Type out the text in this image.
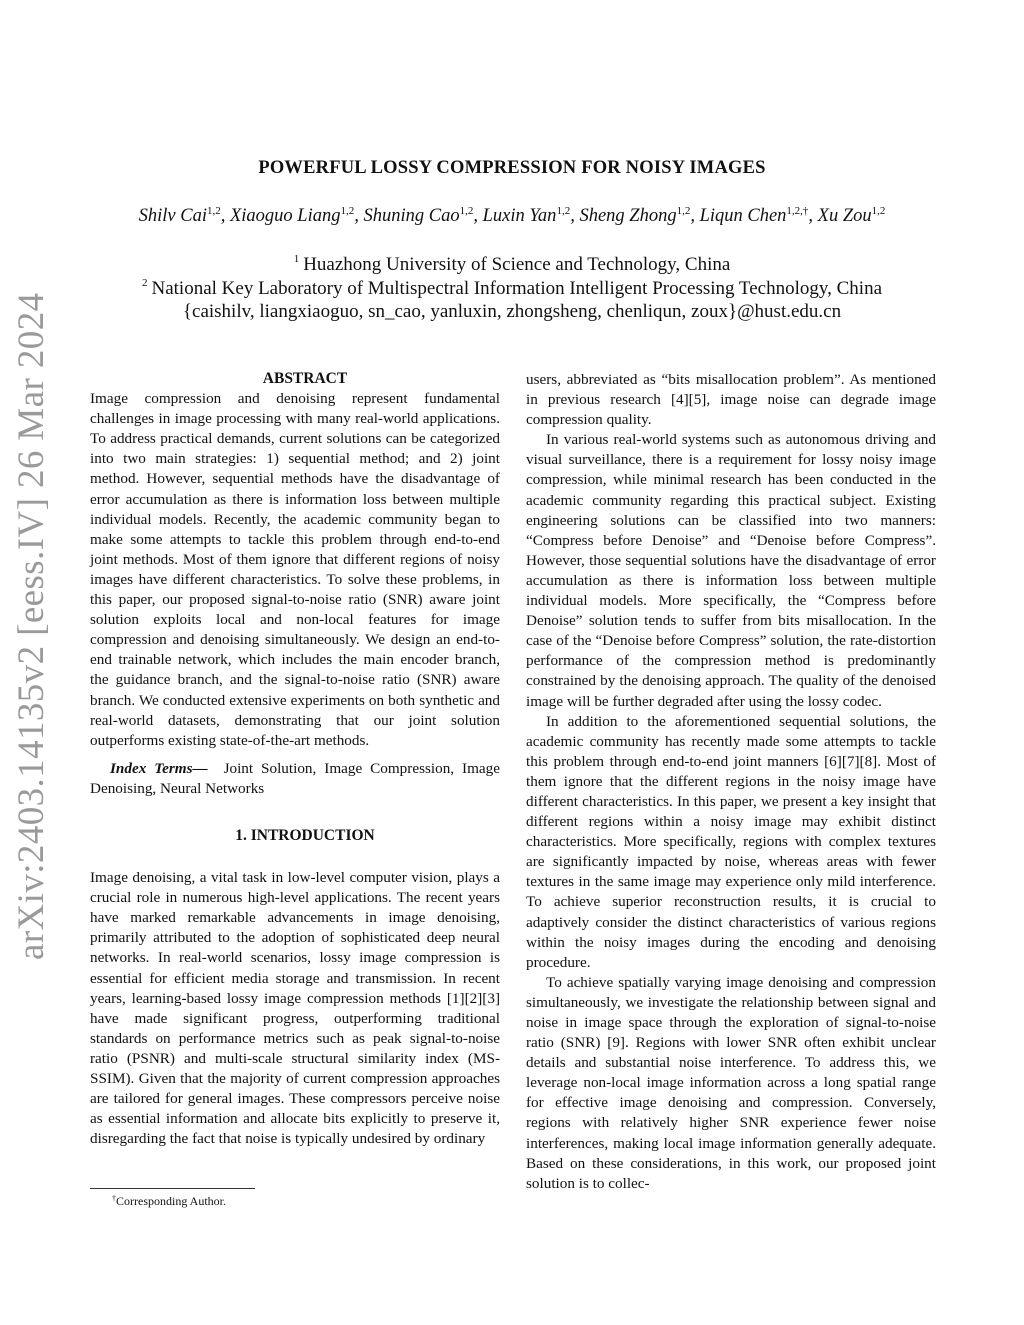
arXiv:2403.14135v2 [eess.IV] 26 Mar 2024
POWERFUL LOSSY COMPRESSION FOR NOISY IMAGES
Shilv Cai$^{1,2}$, Xiaoguo Liang$^{1,2}$, Shuning Cao$^{1,2}$, Luxin Yan$^{1,2}$, Sheng Zhong$^{1,2}$, Liqun Chen$^{1,2,\dagger}$, Xu Zou$^{1,2}$
$^1$ Huazhong University of Science and Technology, China
$^2$ National Key Laboratory of Multispectral Information Intelligent Processing Technology, China
{caishilv, liangxiaoguo, sn_cao, yanluxin, zhongsheng, chenliqun, zoux}@hust.edu.cn

ABSTRACT

Image compression and denoising represent fundamental challenges in image processing with many real-world applications. To address practical demands, current solutions can be categorized into two main strategies: 1) sequential method; and 2) joint method. However, sequential methods have the disadvantage of error accumulation as there is information loss between multiple individual models. Recently, the academic community began to make some attempts to tackle this problem through end-to-end joint methods. Most of them ignore that different regions of noisy images have different characteristics. To solve these problems, in this paper, our proposed signal-to-noise ratio (SNR) aware joint solution exploits local and non-local features for image compression and denoising simultaneously. We design an end-to-end trainable network, which includes the main encoder branch, the guidance branch, and the signal-to-noise ratio (SNR) aware branch. We conducted extensive experiments on both synthetic and real-world datasets, demonstrating that our joint solution outperforms existing state-of-the-art methods.

Index Terms— Joint Solution, Image Compression, Image Denoising, Neural Networks

1. INTRODUCTION

Image denoising, a vital task in low-level computer vision, plays a crucial role in numerous high-level applications. The recent years have marked remarkable advancements in image denoising, primarily attributed to the adoption of sophisticated deep neural networks. In real-world scenarios, lossy image compression is essential for efficient media storage and transmission. In recent years, learning-based lossy image compression methods [1][2][3] have made significant progress, outperforming traditional standards on performance metrics such as peak signal-to-noise ratio (PSNR) and multi-scale structural similarity index (MS-SSIM). Given that the majority of current compression approaches are tailored for general images. These compressors perceive noise as essential information and allocate bits explicitly to preserve it, disregarding the fact that noise is typically undesired by ordinary

†Corresponding Author.

users, abbreviated as “bits misallocation problem”. As mentioned in previous research [4][5], image noise can degrade image compression quality.

In various real-world systems such as autonomous driving and visual surveillance, there is a requirement for lossy noisy image compression, while minimal research has been conducted in the academic community regarding this practical subject. Existing engineering solutions can be classified into two manners: “Compress before Denoise” and “Denoise before Compress”. However, those sequential solutions have the disadvantage of error accumulation as there is information loss between multiple individual models. More specifically, the “Compress before Denoise” solution tends to suffer from bits misallocation. In the case of the “Denoise before Compress” solution, the rate-distortion performance of the compression method is predominantly constrained by the denoising approach. The quality of the denoised image will be further degraded after using the lossy codec.

In addition to the aforementioned sequential solutions, the academic community has recently made some attempts to tackle this problem through end-to-end joint manners [6][7][8]. Most of them ignore that the different regions in the noisy image have different characteristics. In this paper, we present a key insight that different regions within a noisy image may exhibit distinct characteristics. More specifically, regions with complex textures are significantly impacted by noise, whereas areas with fewer textures in the same image may experience only mild interference. To achieve superior reconstruction results, it is crucial to adaptively consider the distinct characteristics of various regions within the noisy images during the encoding and denoising procedure.

To achieve spatially varying image denoising and compression simultaneously, we investigate the relationship between signal and noise in image space through the exploration of signal-to-noise ratio (SNR) [9]. Regions with lower SNR often exhibit unclear details and substantial noise interference. To address this, we leverage non-local image information across a long spatial range for effective image denoising and compression. Conversely, regions with relatively higher SNR experience fewer noise interferences, making local image information generally adequate. Based on these considerations, in this work, our proposed joint solution is to collec-
